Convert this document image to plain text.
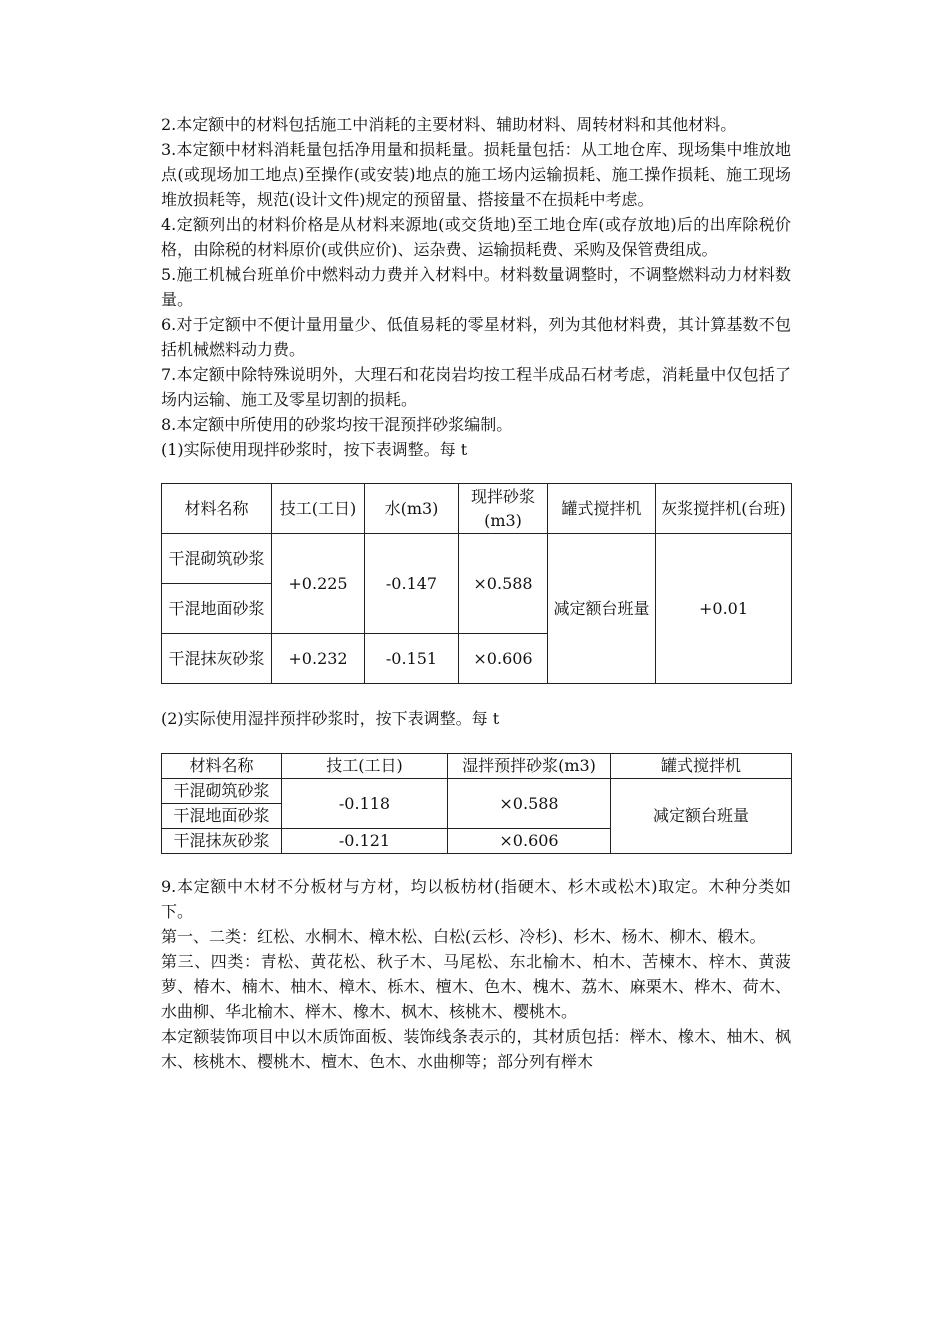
2.本定额中的材料包括施工中消耗的主要材料、辅助材料、周转材料和其他材料。

3.本定额中材料消耗量包括净用量和损耗量。损耗量包括：从工地仓库、现场集中堆放地点(或现场加工地点)至操作(或安装)地点的施工场内运输损耗、施工操作损耗、施工现场堆放损耗等，规范(设计文件)规定的预留量、搭接量不在损耗中考虑。

4.定额列出的材料价格是从材料来源地(或交货地)至工地仓库(或存放地)后的出库除税价格，由除税的材料原价(或供应价)、运杂费、运输损耗费、采购及保管费组成。

5.施工机械台班单价中燃料动力费并入材料中。材料数量调整时，不调整燃料动力材料数量。

6.对于定额中不便计量用量少、低值易耗的零星材料，列为其他材料费，其计算基数不包括机械燃料动力费。

7.本定额中除特殊说明外，大理石和花岗岩均按工程半成品石材考虑，消耗量中仅包括了场内运输、施工及零星切割的损耗。

8.本定额中所使用的砂浆均按干混预拌砂浆编制。

(1)实际使用现拌砂浆时，按下表调整。每 t

材料名称	技工(工日)	水(m3)	现拌砂浆(m3)	罐式搅拌机	灰浆搅拌机(台班)
干混砌筑砂浆	+0.225	-0.147	×0.588	减定额台班量	+0.01
干混地面砂浆					
干混抹灰砂浆	+0.232	-0.151	×0.606		

(2)实际使用湿拌预拌砂浆时，按下表调整。每 t

材料名称	技工(工日)	湿拌预拌砂浆(m3)	罐式搅拌机
干混砌筑砂浆	-0.118	×0.588	减定额台班量
干混地面砂浆			
干混抹灰砂浆	-0.121	×0.606	

9.本定额中木材不分板材与方材，均以板枋材(指硬木、杉木或松木)取定。木种分类如下。

第一、二类：红松、水桐木、樟木松、白松(云杉、冷杉)、杉木、杨木、柳木、椴木。

第三、四类：青松、黄花松、秋子木、马尾松、东北榆木、柏木、苦楝木、梓木、黄菠萝、椿木、楠木、柚木、樟木、栎木、檀木、色木、槐木、荔木、麻栗木、桦木、荷木、水曲柳、华北榆木、榉木、橡木、枫木、核桃木、樱桃木。

本定额装饰项目中以木质饰面板、装饰线条表示的，其材质包括：榉木、橡木、柚木、枫木、核桃木、樱桃木、檀木、色木、水曲柳等；部分列有榉木
